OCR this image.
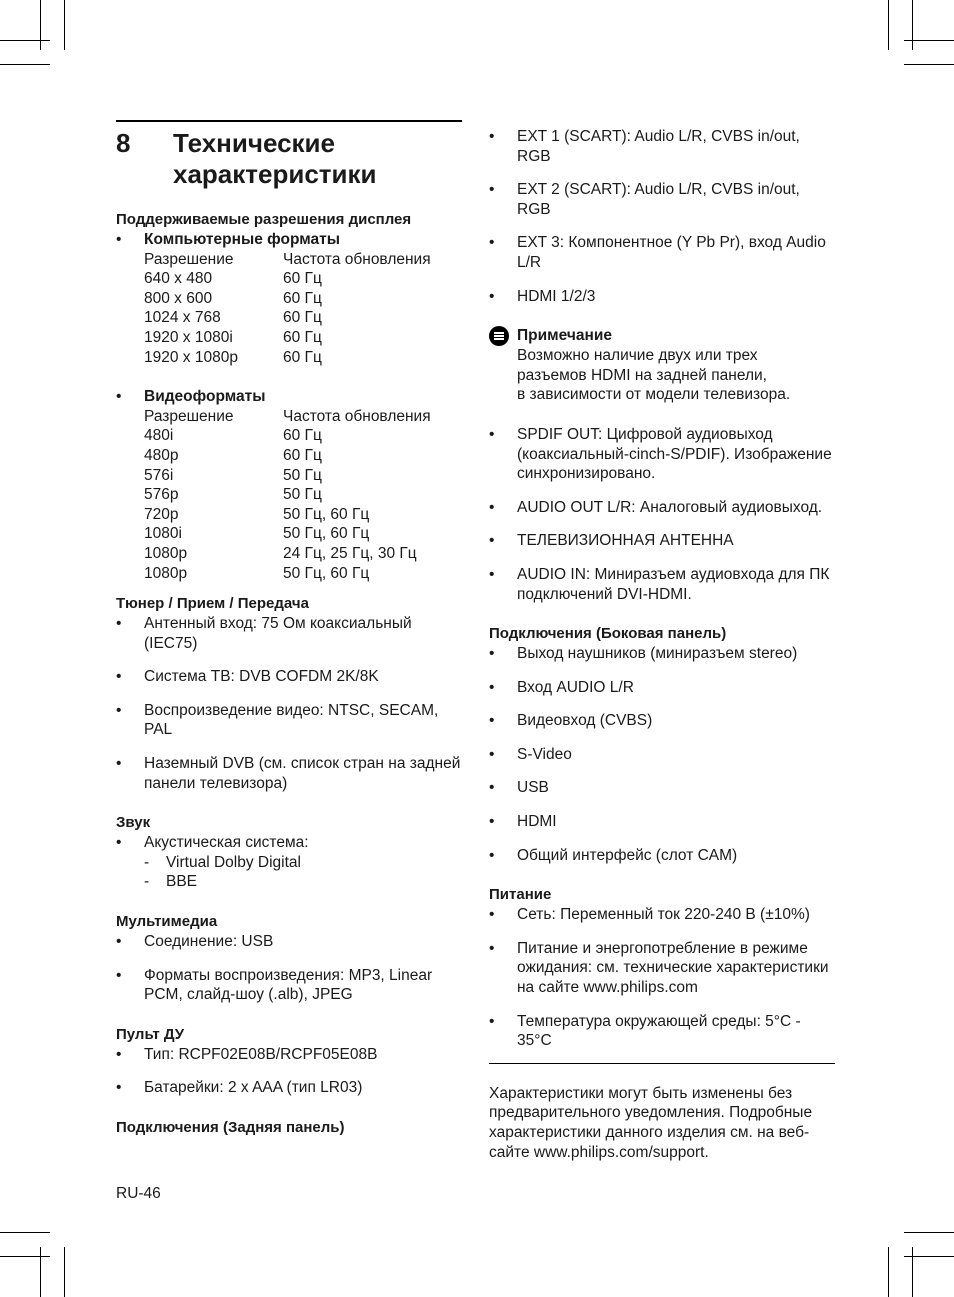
8	Технические
характеристики
Поддерживаемые разрешения дисплея
•	Компьютерные форматы
Разрешение	Частота обновления
640 x 480	60 Гц
800 x 600	60 Гц
1024 x 768	60 Гц
1920 x 1080i	60 Гц
1920 x 1080p	60 Гц
•	Видеоформаты
Разрешение	Частота обновления
480i	60 Гц
480p	60 Гц
576i	50 Гц
576p	50 Гц
720p	50 Гц, 60 Гц
1080i	50 Гц, 60 Гц
1080p	24 Гц, 25 Гц, 30 Гц
1080p	50 Гц, 60 Гц
Тюнер / Прием / Передача
•	Антенный вход: 75 Ом коаксиальный (IEC75)
•	Система ТВ: DVB COFDM 2K/8K
•	Воспроизведение видео: NTSC, SECAM, PAL
•	Наземный DVB (см. список стран на задней панели телевизора)
Звук
•	Акустическая система:
-	Virtual Dolby Digital
-	BBE
Мультимедиа
•	Соединение: USB
•	Форматы воспроизведения: MP3, Linear PCM, слайд-шоу (.alb), JPEG
Пульт ДУ
•	Тип: RCPF02E08B/RCPF05E08B
•	Батарейки: 2 x AAA (тип LR03)
Подключения (Задняя панель)
•	EXT 1 (SCART): Audio L/R, CVBS in/out, RGB
•	EXT 2 (SCART): Audio L/R, CVBS in/out, RGB
•	EXT 3: Компонентное (Y Pb Pr), вход Audio L/R
•	HDMI 1/2/3
Примечание
Возможно наличие двух или трех
разъемов HDMI на задней панели,
в зависимости от модели телевизора.
•	SPDIF OUT: Цифровой аудиовыход (коаксиальный-cinch-S/PDIF). Изображение синхронизировано.
•	AUDIO OUT L/R: Аналоговый аудиовыход.
•	ТЕЛЕВИЗИОННАЯ АНТЕННА
•	AUDIO IN: Миниразъем аудиовхода для ПК подключений DVI-HDMI.
Подключения (Боковая панель)
•	Выход наушников (миниразъем stereo)
•	Вход AUDIO L/R
•	Видеовход (CVBS)
•	S-Video
•	USB
•	HDMI
•	Общий интерфейс (слот CAM)
Питание
•	Сеть: Переменный ток 220-240 В (±10%)
•	Питание и энергопотребление в режиме ожидания: см. технические характеристики на сайте www.philips.com
•	Температура окружающей среды: 5°C - 35°C
Характеристики могут быть изменены без предварительного уведомления. Подробные характеристики данного изделия см. на веб-сайте www.philips.com/support.
RU-46
